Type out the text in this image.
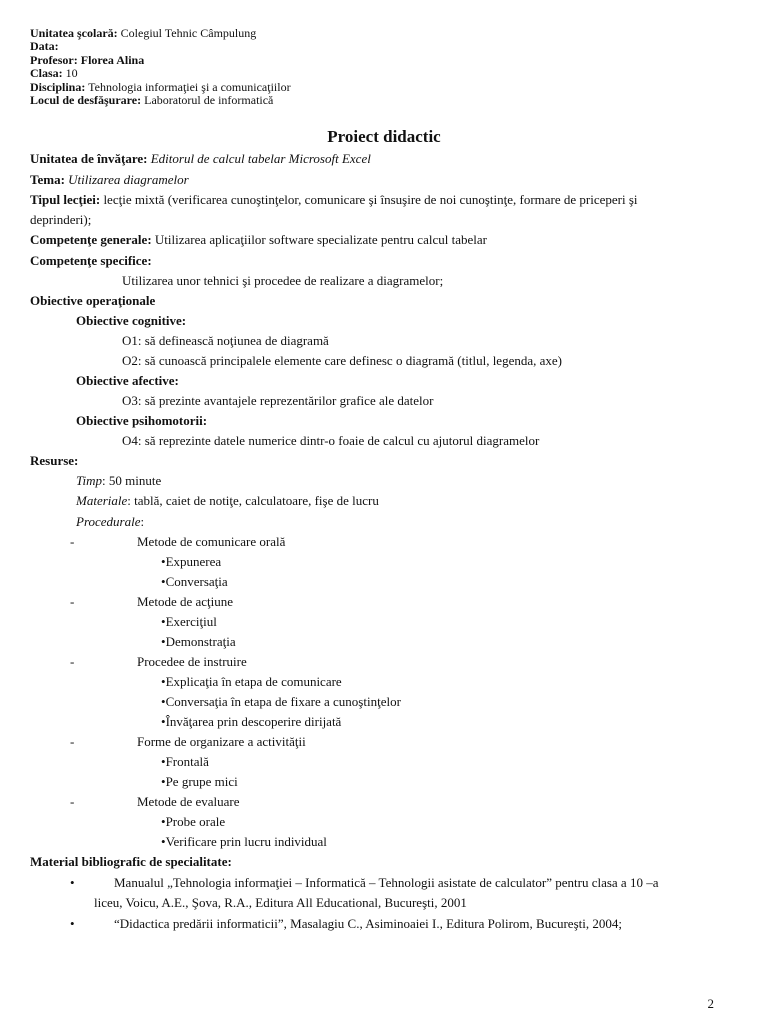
Unitatea şcolară: Colegiul Tehnic Câmpulung
Data:
Profesor: Florea Alina
Clasa: 10
Disciplina: Tehnologia informaţiei şi a comunicaţiilor
Locul de desfăşurare: Laboratorul de informatică
Proiect didactic
Unitatea de învăţare: Editorul de calcul tabelar Microsoft Excel
Tema: Utilizarea diagramelor
Tipul lecţiei: lecţie mixtă (verificarea cunoştinţelor, comunicare şi însuşire de noi cunoştinţe, formare de priceperi şi
deprinderi);
Competenţe generale: Utilizarea aplicaţiilor software specializate pentru calcul tabelar
Competenţe specifice:
Utilizarea unor tehnici şi procedee de realizare a diagramelor;
Obiective operaţionale
Obiective cognitive:
O1: să definească noţiunea de diagramă
O2: să cunoască principalele elemente care definesc o diagramă (titlul, legenda, axe)
Obiective afective:
O3: să prezinte avantajele reprezentărilor grafice ale datelor
Obiective psihomotorii:
O4: să reprezinte datele numerice dintr-o foaie de calcul cu ajutorul diagramelor
Resurse:
Timp: 50 minute
Materiale: tablă, caiet de notiţe, calculatoare, fişe de lucru
Procedurale:
-	Metode de comunicare orală
•Expunerea
•Conversaţia
-	Metode de acţiune
•Exerciţiul
•Demonstraţia
-	Procedee de instruire
•Explicaţia în etapa de comunicare
•Conversaţia în etapa de fixare a cunoştinţelor
•Învăţarea prin descoperire dirijată
-	Forme de organizare a activităţii
•Frontală
•Pe grupe mici
-	Metode de evaluare
•Probe orale
•Verificare prin lucru individual
Material bibliografic de specialitate:
•	Manualul „Tehnologia informaţiei – Informatică – Tehnologii asistate de calculator” pentru clasa a 10 –a
liceu, Voicu, A.E., Şova, R.A., Editura All Educational, Bucureşti, 2001
•	“Didactica predării informaticii”, Masalagiu C., Asiminoaiei I., Editura Polirom, Bucureşti, 2004;
2
